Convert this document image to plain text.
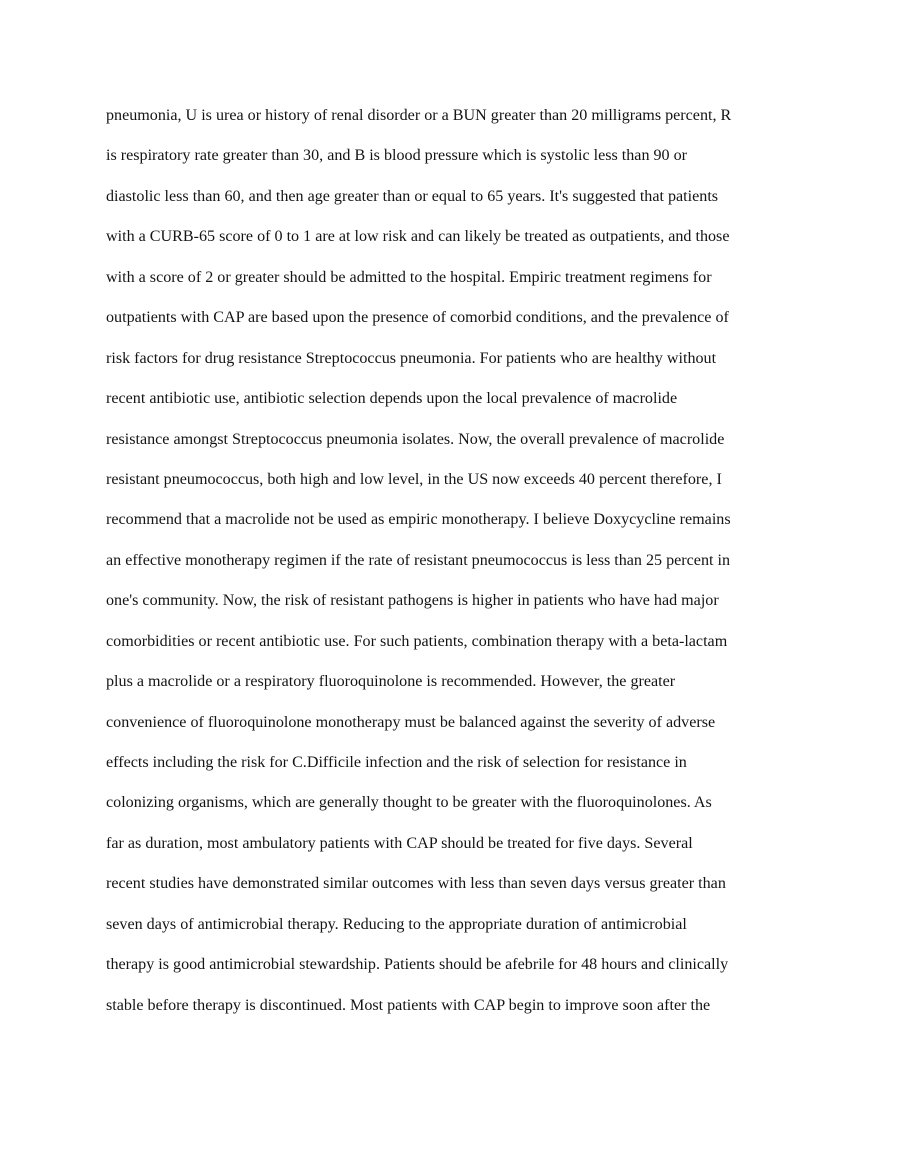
pneumonia, U is urea or history of renal disorder or a BUN greater than 20 milligrams percent, R

is respiratory rate greater than 30, and B is blood pressure which is systolic less than 90 or

diastolic less than 60, and then age greater than or equal to 65 years. It's suggested that patients

with a CURB-65 score of 0 to 1 are at low risk and can likely be treated as outpatients, and those

with a score of 2 or greater should be admitted to the hospital. Empiric treatment regimens for

outpatients with CAP are based upon the presence of comorbid conditions, and the prevalence of

risk factors for drug resistance Streptococcus pneumonia. For patients who are healthy without

recent antibiotic use, antibiotic selection depends upon the local prevalence of macrolide

resistance amongst Streptococcus pneumonia isolates. Now, the overall prevalence of macrolide

resistant pneumococcus, both high and low level, in the US now exceeds 40 percent therefore, I

recommend that a macrolide not be used as empiric monotherapy. I believe Doxycycline remains

an effective monotherapy regimen if the rate of resistant pneumococcus is less than 25 percent in

one's community. Now, the risk of resistant pathogens is higher in patients who have had major

comorbidities or recent antibiotic use. For such patients, combination therapy with a beta-lactam

plus a macrolide or a respiratory fluoroquinolone is recommended. However, the greater

convenience of fluoroquinolone monotherapy must be balanced against the severity of adverse

effects including the risk for C.Difficile infection and the risk of selection for resistance in

colonizing organisms, which are generally thought to be greater with the fluoroquinolones. As

far as duration, most ambulatory patients with CAP should be treated for five days. Several

recent studies have demonstrated similar outcomes with less than seven days versus greater than

seven days of antimicrobial therapy. Reducing to the appropriate duration of antimicrobial

therapy is good antimicrobial stewardship. Patients should be afebrile for 48 hours and clinically

stable before therapy is discontinued. Most patients with CAP begin to improve soon after the
